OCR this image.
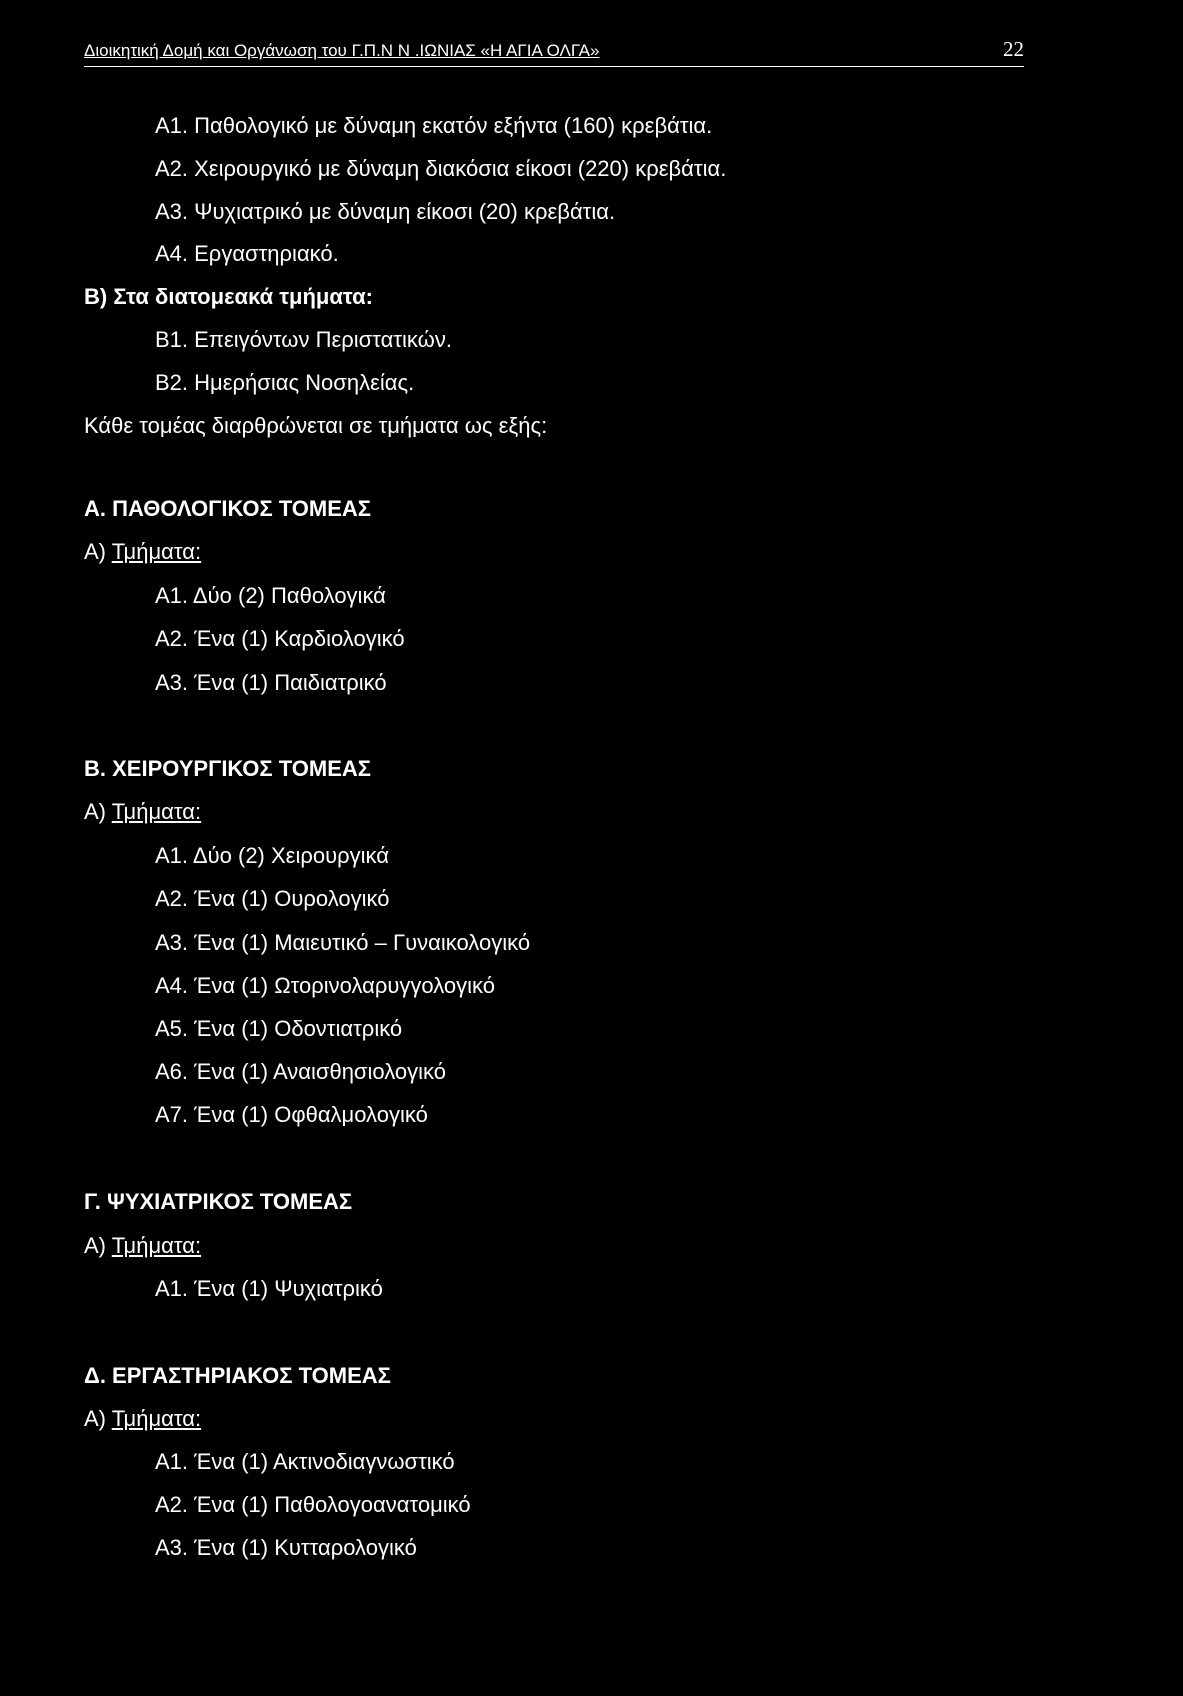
Διοικητική Δομή και Οργάνωση του Γ.Π.Ν Ν .ΙΩΝΙΑΣ «Η ΑΓΙΑ ΟΛΓΑ»	22
Α1. Παθολογικό με δύναμη εκατόν εξήντα (160) κρεβάτια.
Α2. Χειρουργικό με δύναμη διακόσια είκοσι (220) κρεβάτια.
Α3. Ψυχιατρικό με δύναμη είκοσι (20) κρεβάτια.
Α4. Εργαστηριακό.
Β) Στα διατομεακά τμήματα:
Β1. Επειγόντων Περιστατικών.
Β2. Ημερήσιας Νοσηλείας.
Κάθε τομέας διαρθρώνεται σε τμήματα ως εξής:
Α. ΠΑΘΟΛΟΓΙΚΟΣ ΤΟΜΕΑΣ
Α) Τμήματα:
Α1. Δύο (2) Παθολογικά
Α2. Ένα (1) Καρδιολογικό
Α3. Ένα (1) Παιδιατρικό
Β. ΧΕΙΡΟΥΡΓΙΚΟΣ ΤΟΜΕΑΣ
Α) Τμήματα:
Α1. Δύο (2) Χειρουργικά
Α2. Ένα (1) Ουρολογικό
Α3. Ένα (1) Μαιευτικό – Γυναικολογικό
Α4. Ένα (1) Ωτορινολαρυγγολογικό
Α5. Ένα (1) Οδοντιατρικό
Α6. Ένα (1) Αναισθησιολογικό
Α7. Ένα (1) Οφθαλμολογικό
Γ. ΨΥΧΙΑΤΡΙΚΟΣ ΤΟΜΕΑΣ
Α) Τμήματα:
Α1. Ένα (1) Ψυχιατρικό
Δ. ΕΡΓΑΣΤΗΡΙΑΚΟΣ ΤΟΜΕΑΣ
Α) Τμήματα:
Α1. Ένα (1) Ακτινοδιαγνωστικό
Α2. Ένα (1) Παθολογοανατομικό
Α3. Ένα (1) Κυτταρολογικό
